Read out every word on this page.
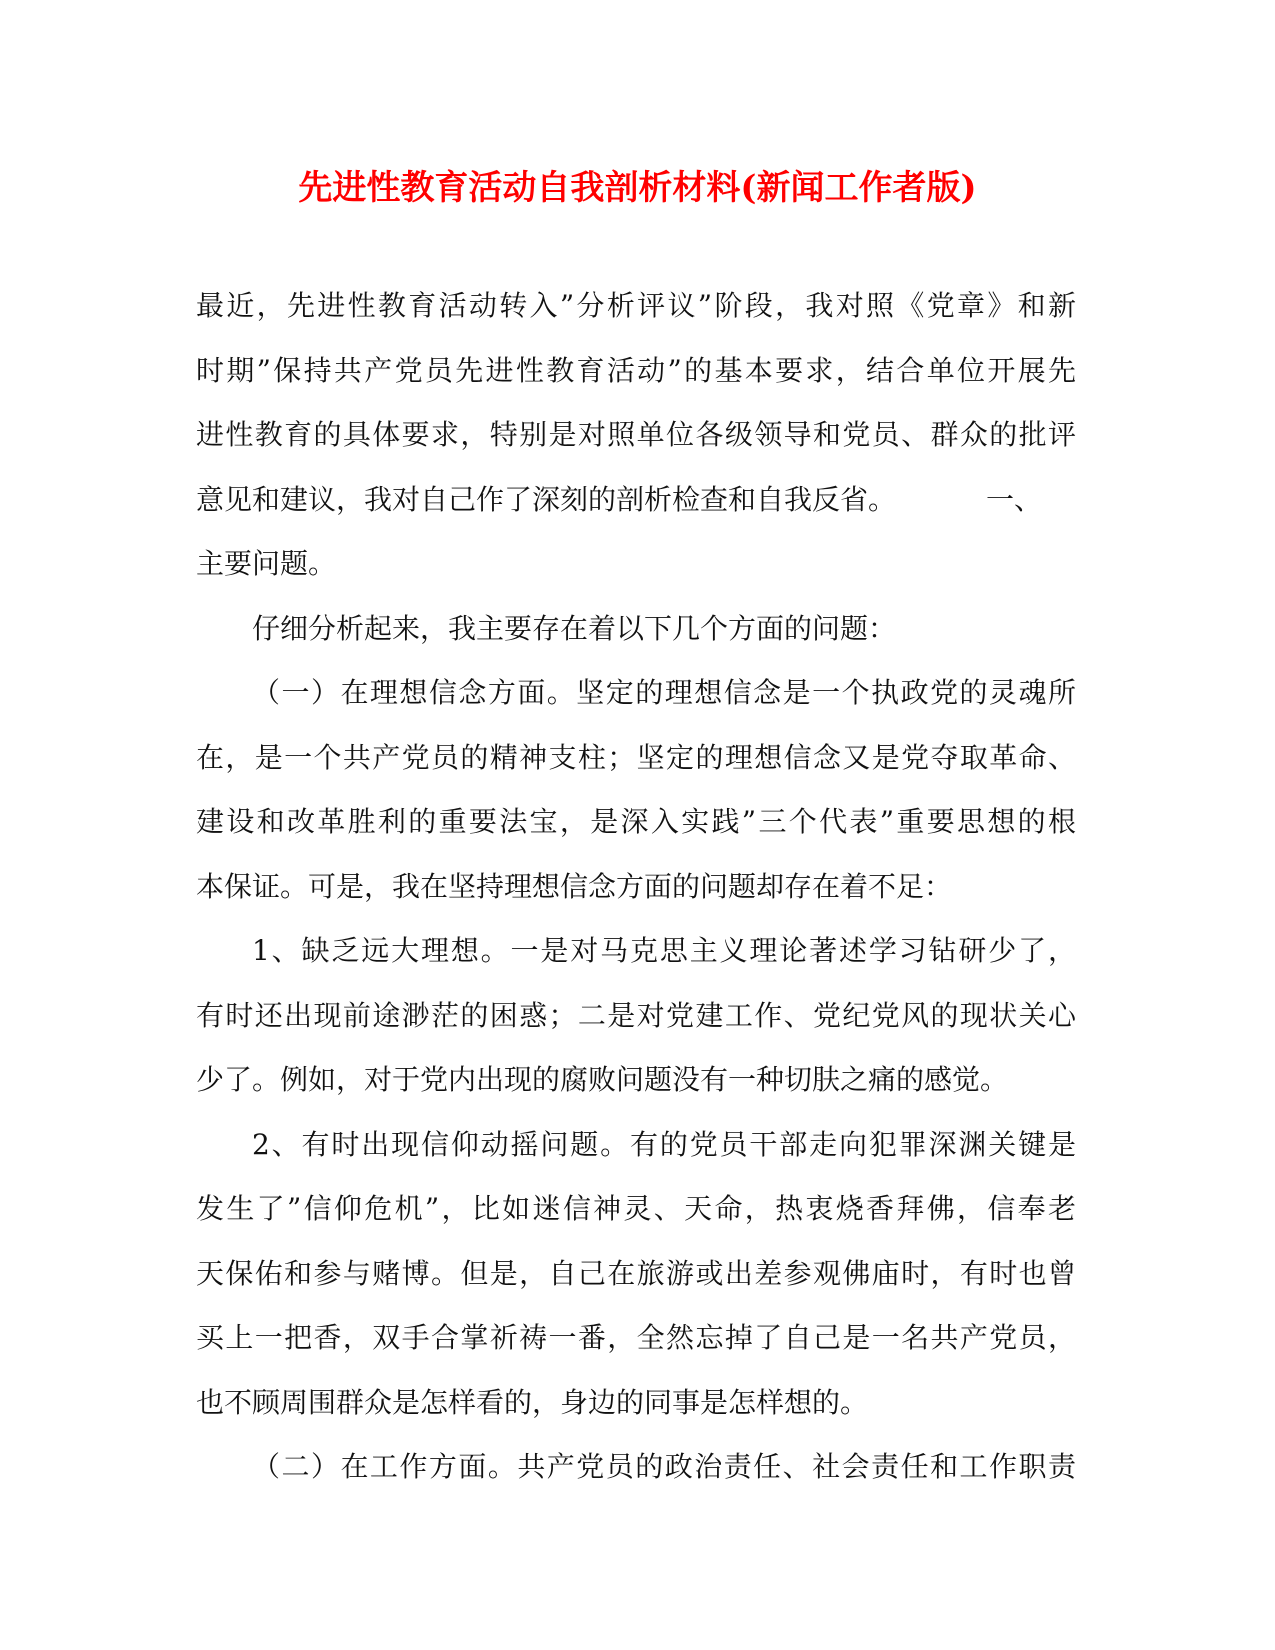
先进性教育活动自我剖析材料(新闻工作者版)
最近，先进性教育活动转入”分析评议”阶段，我对照《党章》和新
时期”保持共产党员先进性教育活动”的基本要求，结合单位开展先
进性教育的具体要求，特别是对照单位各级领导和党员、群众的批评
意见和建议，我对自己作了深刻的剖析检查和自我反省。	一、
主要问题。
仔细分析起来，我主要存在着以下几个方面的问题：
（一）在理想信念方面。坚定的理想信念是一个执政党的灵魂所
在，是一个共产党员的精神支柱；坚定的理想信念又是党夺取革命、
建设和改革胜利的重要法宝，是深入实践”三个代表”重要思想的根
本保证。可是，我在坚持理想信念方面的问题却存在着不足：
1、缺乏远大理想。一是对马克思主义理论著述学习钻研少了，
有时还出现前途渺茫的困惑；二是对党建工作、党纪党风的现状关心
少了。例如，对于党内出现的腐败问题没有一种切肤之痛的感觉。
2、有时出现信仰动摇问题。有的党员干部走向犯罪深渊关键是
发生了”信仰危机”，比如迷信神灵、天命，热衷烧香拜佛，信奉老
天保佑和参与赌博。但是，自己在旅游或出差参观佛庙时，有时也曾
买上一把香，双手合掌祈祷一番，全然忘掉了自己是一名共产党员，
也不顾周围群众是怎样看的，身边的同事是怎样想的。
（二）在工作方面。共产党员的政治责任、社会责任和工作职责
